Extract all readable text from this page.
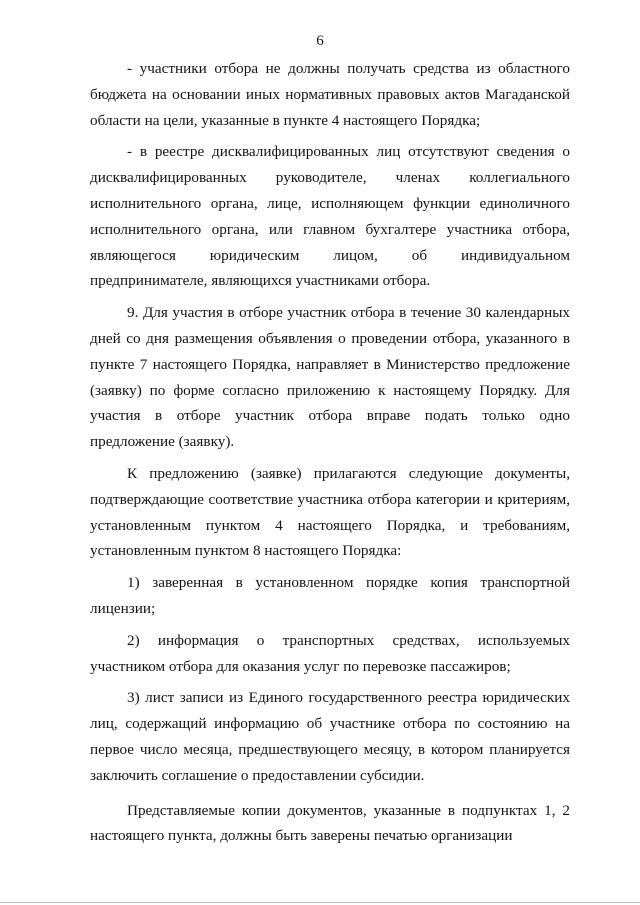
6

- участники отбора не должны получать средства из областного бюджета на основании иных нормативных правовых актов Магаданской области на цели, указанные в пункте 4 настоящего Порядка;

- в реестре дисквалифицированных лиц отсутствуют сведения о дисквалифицированных руководителе, членах коллегиального исполнительного органа, лице, исполняющем функции единоличного исполнительного органа, или главном бухгалтере участника отбора, являющегося юридическим лицом, об индивидуальном предпринимателе, являющихся участниками отбора.

9. Для участия в отборе участник отбора в течение 30 календарных дней со дня размещения объявления о проведении отбора, указанного в пункте 7 настоящего Порядка, направляет в Министерство предложение (заявку) по форме согласно приложению к настоящему Порядку. Для участия в отборе участник отбора вправе подать только одно предложение (заявку).

К предложению (заявке) прилагаются следующие документы, подтверждающие соответствие участника отбора категории и критериям, установленным пунктом 4 настоящего Порядка, и требованиям, установленным пунктом 8 настоящего Порядка:

1) заверенная в установленном порядке копия транспортной лицензии;

2) информация о транспортных средствах, используемых участником отбора для оказания услуг по перевозке пассажиров;

3) лист записи из Единого государственного реестра юридических лиц, содержащий информацию об участнике отбора по состоянию на первое число месяца, предшествующего месяцу, в котором планируется заключить соглашение о предоставлении субсидии.

Представляемые копии документов, указанные в подпунктах 1, 2 настоящего пункта, должны быть заверены печатью организации
